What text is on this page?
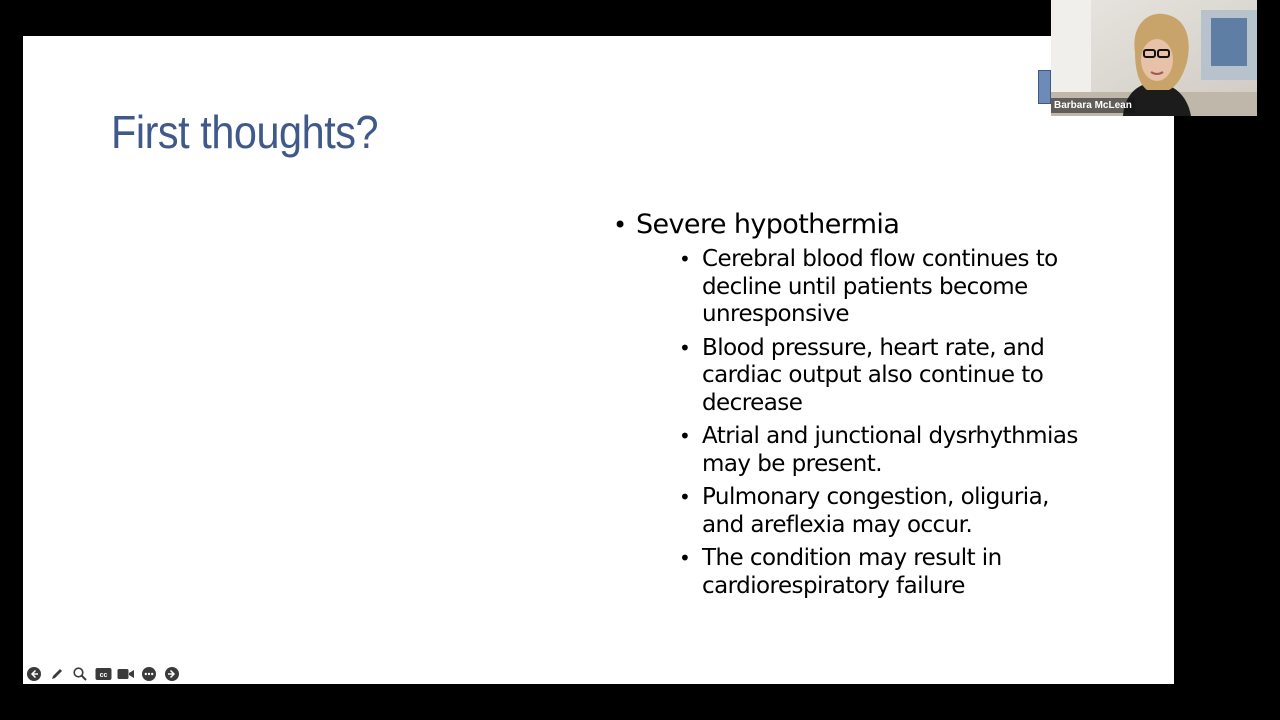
First thoughts?
• Severe hypothermia
• Cerebral blood flow continues to decline until patients become unresponsive
• Blood pressure, heart rate, and cardiac output also continue to decrease
• Atrial and junctional dysrhythmias may be present.
• Pulmonary congestion, oliguria, and areflexia may occur.
• The condition may result in cardiorespiratory failure
cc
Barbara McLean
